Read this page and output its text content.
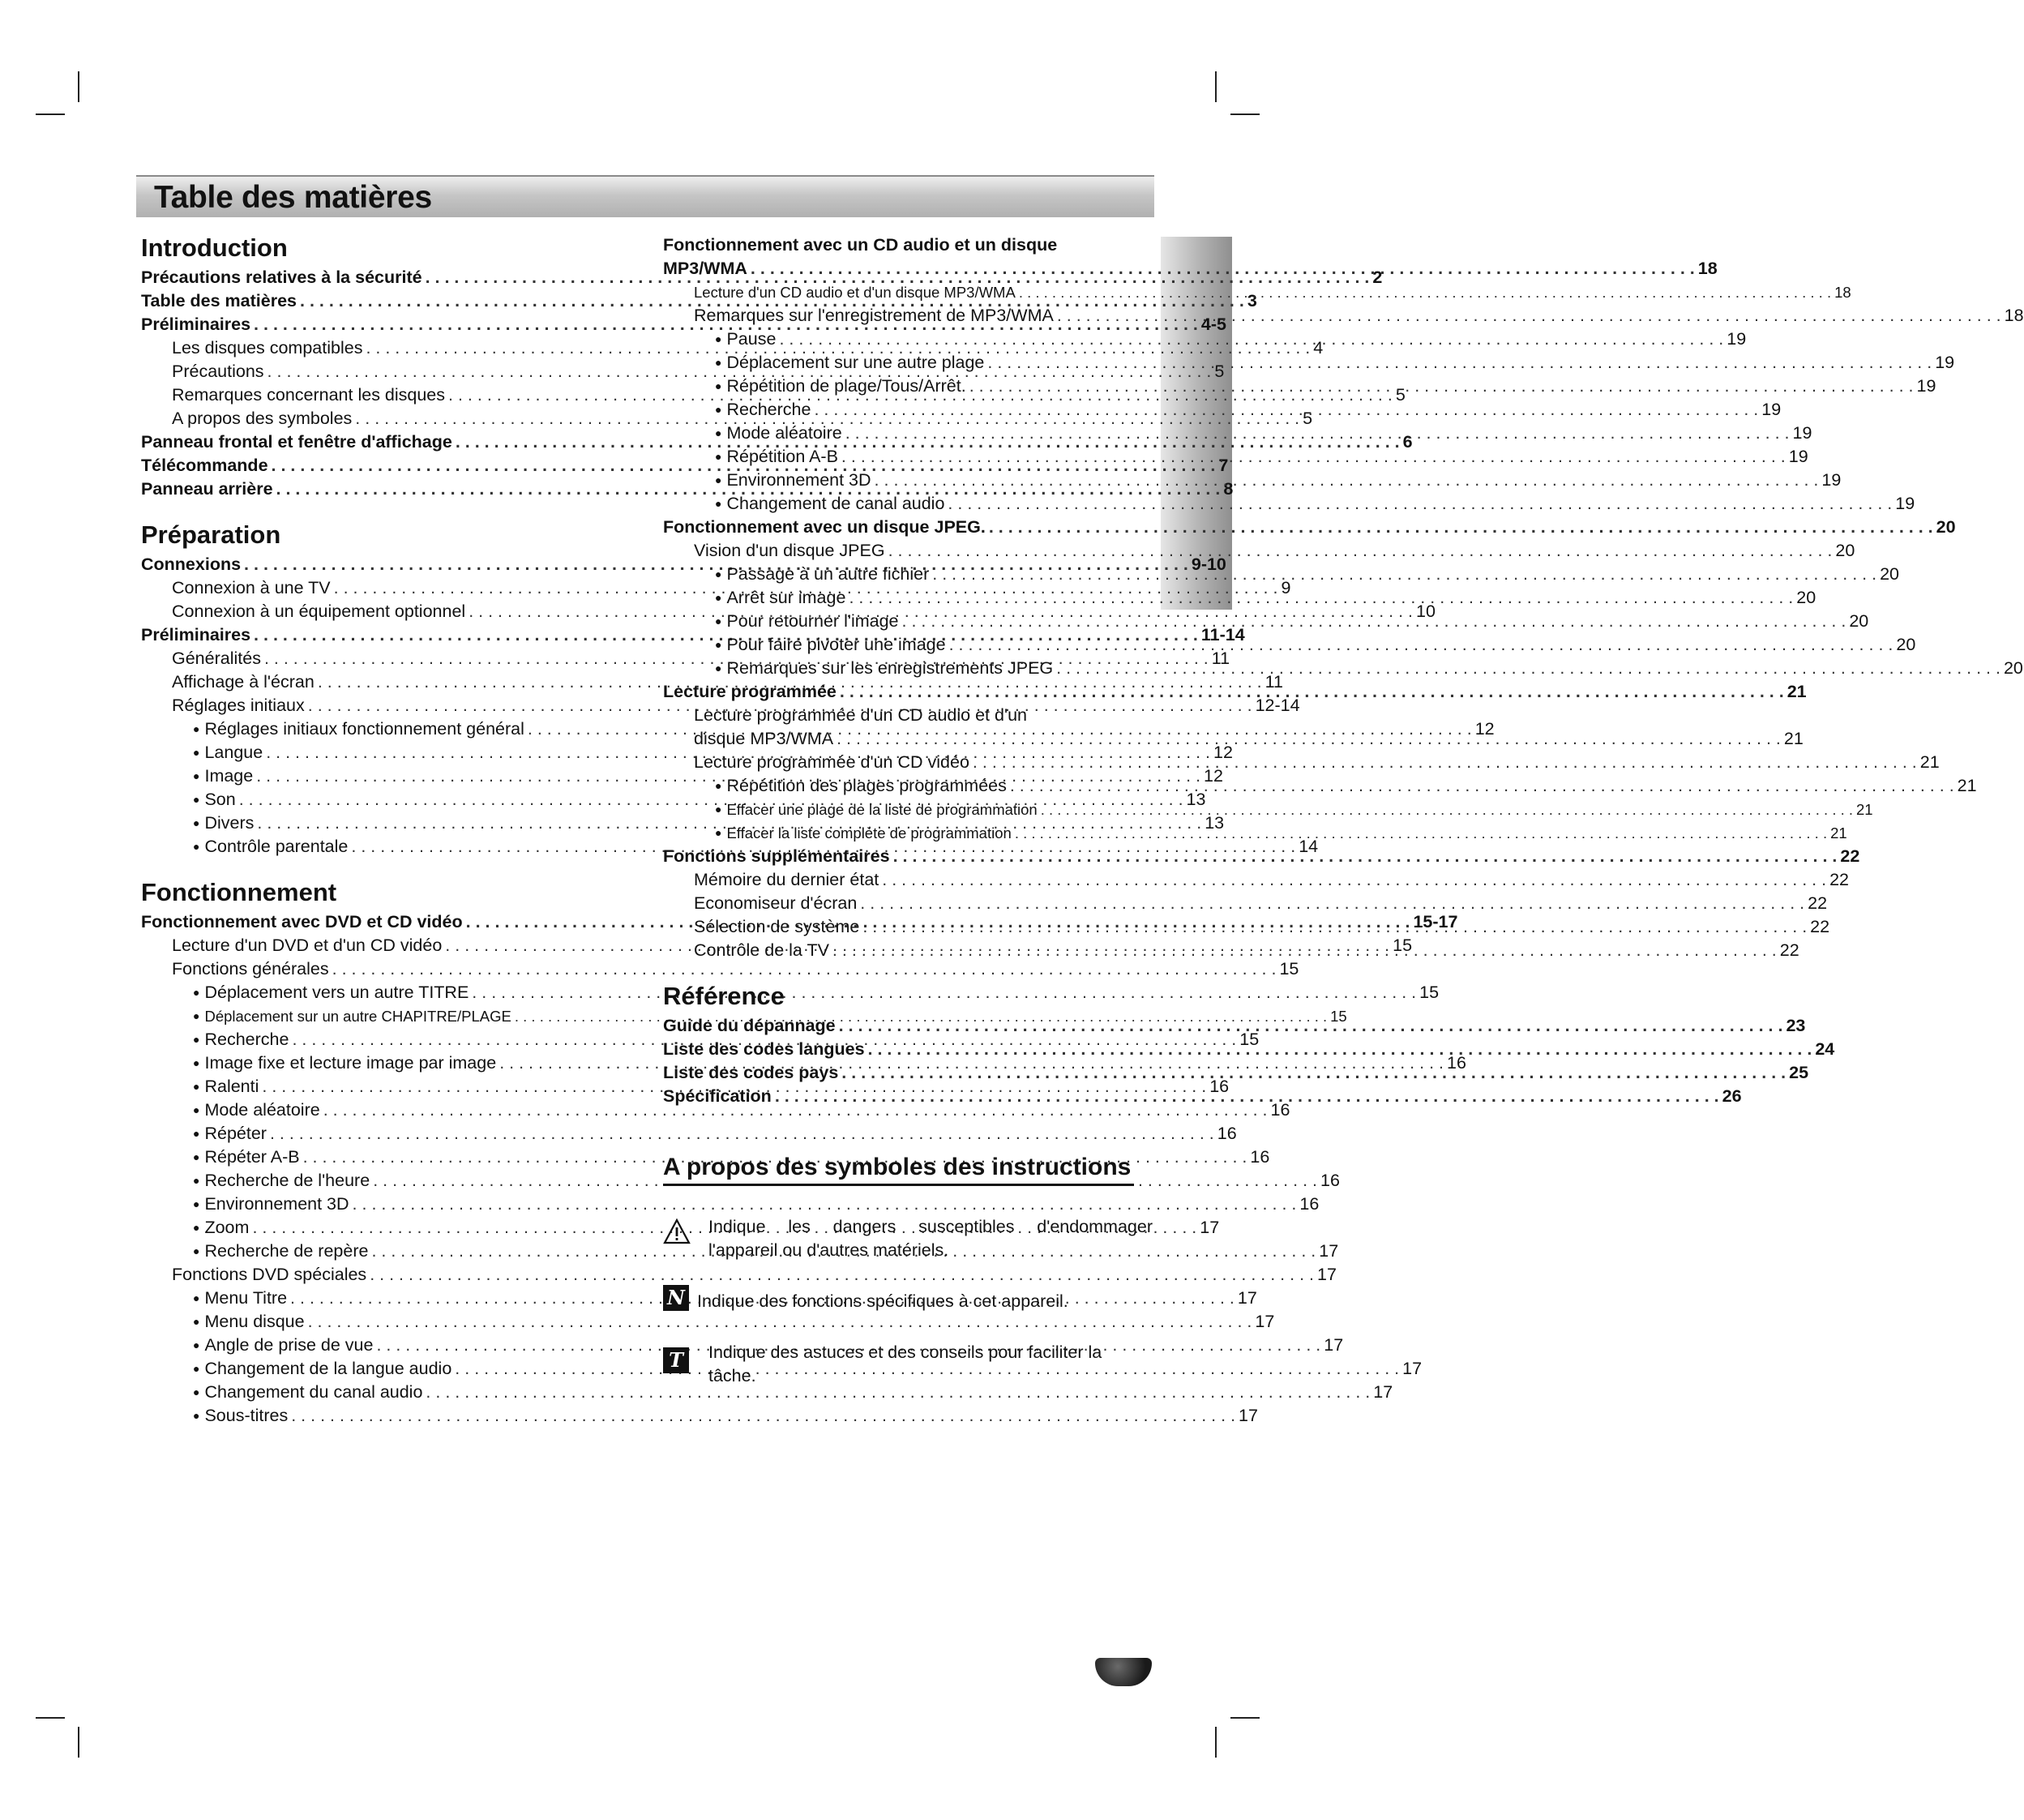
Table des matières
Introduction
Précautions relatives à la sécurité . . .	2
Table des matières . . .	3
Préliminaires . . .	4-5
Les disques compatibles . . .	4
Précautions . . .	5
Remarques concernant les disques . . .	5
A propos des symboles . . .	5
Panneau frontal et fenêtre d'affichage . . .	6
Télécommande . . .	7
Panneau arrière . . .	8
Préparation
Connexions . . .	9-10
Connexion à une TV . . .	9
Connexion à un équipement optionnel . . .	10
Préliminaires . . .	11-14
Généralités . . .	11
Affichage à l'écran . . .	11
Réglages initiaux . . .	12-14
● Réglages initiaux fonctionnement général . . .	12
● Langue . . .	12
● Image . . .	12
● Son . . .	13
● Divers . . .	13
● Contrôle parentale . . .	14
Fonctionnement
Fonctionnement avec DVD et CD vidéo . . .	15-17
Lecture d'un DVD et d'un CD vidéo . . .	15
Fonctions générales . . .	15
● Déplacement vers un autre TITRE . . .	15
● Déplacement sur un autre CHAPITRE/PLAGE . . .	15
● Recherche . . .	15
● Image fixe et lecture image par image . . .	16
● Ralenti . . .	16
● Mode aléatoire . . .	16
● Répéter . . .	16
● Répéter A-B . . .	16
● Recherche de l'heure . . .	16
● Environnement 3D . . .	16
● Zoom . . .	17
● Recherche de repère . . .	17
Fonctions DVD spéciales . . .	17
● Menu Titre . . .	17
● Menu disque . . .	17
● Angle de prise de vue . . .	17
● Changement de la langue audio . . .	17
● Changement du canal audio . . .	17
● Sous-titres . . .	17
Fonctionnement avec un CD audio et un disque
MP3/WMA . . .	18
Lecture d'un CD audio et d'un disque MP3/WMA . . .	18
Remarques sur l'enregistrement de MP3/WMA . . .	18
● Pause . . .	19
● Déplacement sur une autre plage . . .	19
● Répétition de plage/Tous/Arrêt. . . .	19
● Recherche . . .	19
● Mode aléatoire . . .	19
● Répétition A-B . . .	19
● Environnement 3D . . .	19
● Changement de canal audio . . .	19
Fonctionnement avec un disque JPEG. . . .	20
Vision d'un disque JPEG . . .	20
● Passage à un autre fichier . . .	20
● Arrêt sur image . . .	20
● Pour retourner l'image . . .	20
● Pour faire pivoter une image . . .	20
● Remarques sur les enregistrements JPEG . . .	20
Lecture programmée . . .	21
Lecture programmée d'un CD audio et d'un
disque MP3/WMA . . .	21
Lecture programmée d'un CD vidéo . . .	21
● Répétition des plages programmées . . .	21
● Effacer une plage de la liste de programmation . . .	21
● Effacer la liste complète de programmation . . .	21
Fonctions supplémentaires . . .	22
Mémoire du dernier état . . .	22
Economiseur d'écran . . .	22
Sélection de système . . .	22
Contrôle de la TV . . .	22
Référence
Guide du dépannage . . .	23
Liste des codes langues . . .	24
Liste des codes pays . . .	25
Spécification . . .	26
A propos des symboles des instructions
Indique les dangers susceptibles d'endommager l'appareil ou d'autres matériels.
N Indique des fonctions spécifiques à cet appareil.
T	Indique des astuces et des conseils pour faciliter la tâche.
